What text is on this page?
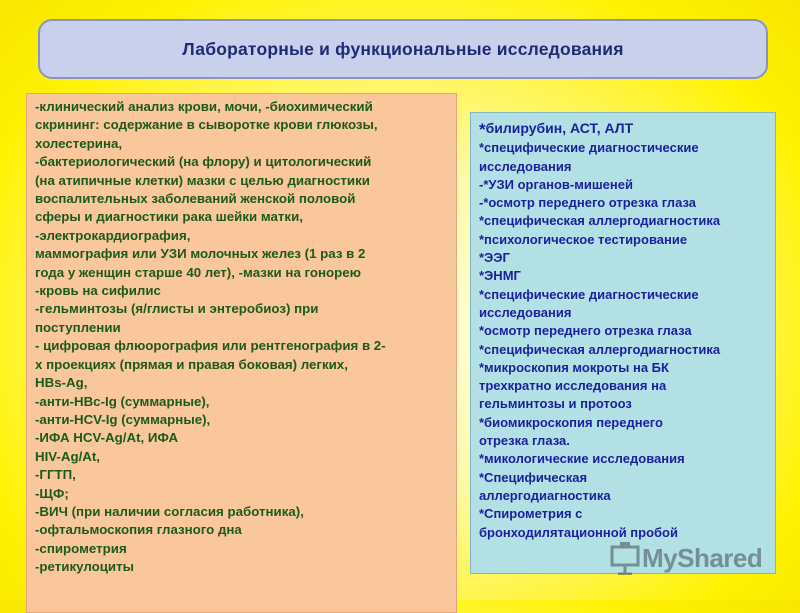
Лабораторные и функциональные исследования
-клинический анализ крови, мочи, -биохимический
скрининг: содержание в сыворотке крови глюкозы,
холестерина,
-бактериологический (на флору) и цитологический
(на атипичные клетки) мазки с целью диагностики
воспалительных заболеваний женской половой
сферы и диагностики рака шейки матки,
-электрокардиография,
маммография или УЗИ молочных желез (1 раз в 2
года у женщин старше 40 лет), -мазки на гонорею
-кровь на сифилис
-гельминтозы (я/глисты и энтеробиоз) при
поступлении
- цифровая флюорография или рентгенография в 2-
х проекциях (прямая и правая боковая) легких,
HBs-Ag,
-анти-HBc-Ig (суммарные),
-анти-HCV-Ig (суммарные),
-ИФА HCV-Ag/At, ИФА
HIV-Ag/At,
-ГГТП,
-ЩФ;
-ВИЧ (при наличии согласия работника),
-офтальмоскопия глазного дна
-спирометрия
-ретикулоциты
*билирубин, АСТ, АЛТ
*специфические диагностические
исследования
-*УЗИ органов-мишеней
-*осмотр переднего отрезка глаза
*специфическая аллергодиагностика
*психологическое тестирование
*ЭЭГ
*ЭНМГ
*специфические диагностические
исследования
*осмотр переднего отрезка глаза
*специфическая аллергодиагностика
*микроскопия мокроты на БК
трехкратно исследования на
гельминтозы и протооз
*биомикроскопия переднего
отрезка глаза.
*микологические исследования
*Специфическая
аллергодиагностика
*Спирометрия с
бронходилятационной пробой
MyShared
